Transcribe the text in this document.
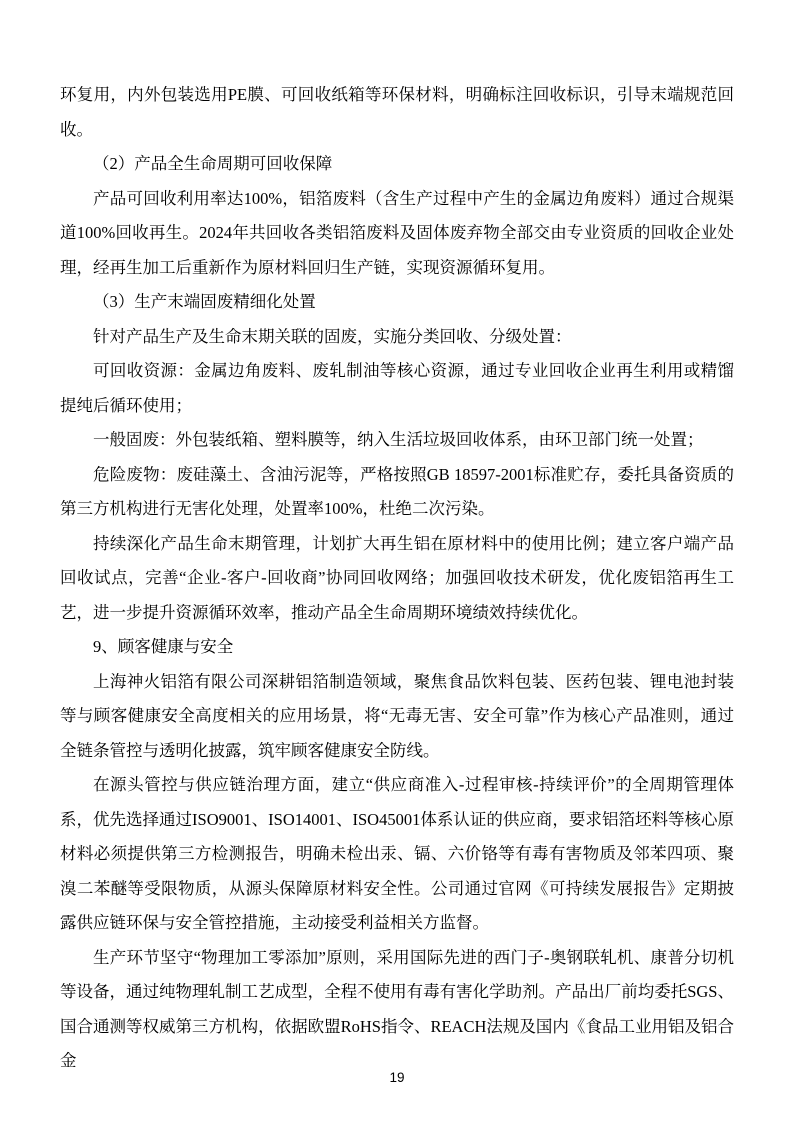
环复用，内外包装选用PE膜、可回收纸箱等环保材料，明确标注回收标识，引导末端规范回收。

（2）产品全生命周期可回收保障

产品可回收利用率达100%，铝箔废料（含生产过程中产生的金属边角废料）通过合规渠道100%回收再生。2024年共回收各类铝箔废料及固体废弃物全部交由专业资质的回收企业处理，经再生加工后重新作为原材料回归生产链，实现资源循环复用。

（3）生产末端固废精细化处置

针对产品生产及生命末期关联的固废，实施分类回收、分级处置：

可回收资源：金属边角废料、废轧制油等核心资源，通过专业回收企业再生利用或精馏提纯后循环使用；

一般固废：外包装纸箱、塑料膜等，纳入生活垃圾回收体系，由环卫部门统一处置；

危险废物：废硅藻土、含油污泥等，严格按照GB 18597-2001标准贮存，委托具备资质的第三方机构进行无害化处理，处置率100%，杜绝二次污染。

持续深化产品生命末期管理，计划扩大再生铝在原材料中的使用比例；建立客户端产品回收试点，完善“企业-客户-回收商”协同回收网络；加强回收技术研发，优化废铝箔再生工艺，进一步提升资源循环效率，推动产品全生命周期环境绩效持续优化。

9、顾客健康与安全

上海神火铝箔有限公司深耕铝箔制造领域，聚焦食品饮料包装、医药包装、锂电池封装等与顾客健康安全高度相关的应用场景，将“无毒无害、安全可靠”作为核心产品准则，通过全链条管控与透明化披露，筑牢顾客健康安全防线。

在源头管控与供应链治理方面，建立“供应商准入-过程审核-持续评价”的全周期管理体系，优先选择通过ISO9001、ISO14001、ISO45001体系认证的供应商，要求铝箔坯料等核心原材料必须提供第三方检测报告，明确未检出汞、镉、六价铬等有毒有害物质及邻苯四项、聚溴二苯醚等受限物质，从源头保障原材料安全性。公司通过官网《可持续发展报告》定期披露供应链环保与安全管控措施，主动接受利益相关方监督。

生产环节坚守“物理加工零添加”原则，采用国际先进的西门子-奥钢联轧机、康普分切机等设备，通过纯物理轧制工艺成型，全程不使用有毒有害化学助剂。产品出厂前均委托SGS、国合通测等权威第三方机构，依据欧盟RoHS指令、REACH法规及国内《食品工业用铝及铝合金

19
